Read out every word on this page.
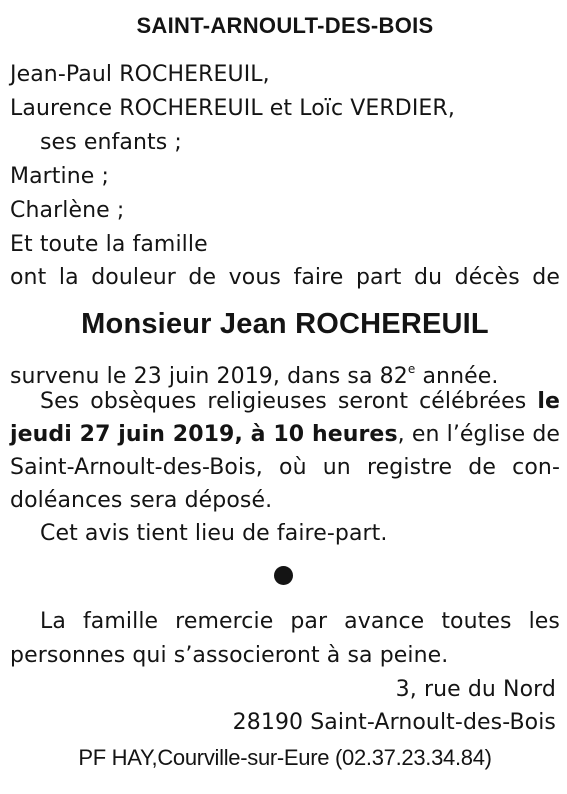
SAINT-ARNOULT-DES-BOIS
Jean-Paul ROCHEREUIL,
Laurence ROCHEREUIL et Loïc VERDIER,
ses enfants ;
Martine ;
Charlène ;
Et toute la famille
ont la douleur de vous faire part du décès de
Monsieur Jean ROCHEREUIL
survenu le 23 juin 2019, dans sa 82e année.
Ses obsèques religieuses seront célébrées le
jeudi 27 juin 2019, à 10 heures, en l’église de
Saint-Arnoult-des-Bois, où un registre de con-
doléances sera déposé.
Cet avis tient lieu de faire-part.
La famille remercie par avance toutes les
personnes qui s’associeront à sa peine.
3, rue du Nord
28190 Saint-Arnoult-des-Bois
PF HAY,Courville-sur-Eure (02.37.23.34.84)
